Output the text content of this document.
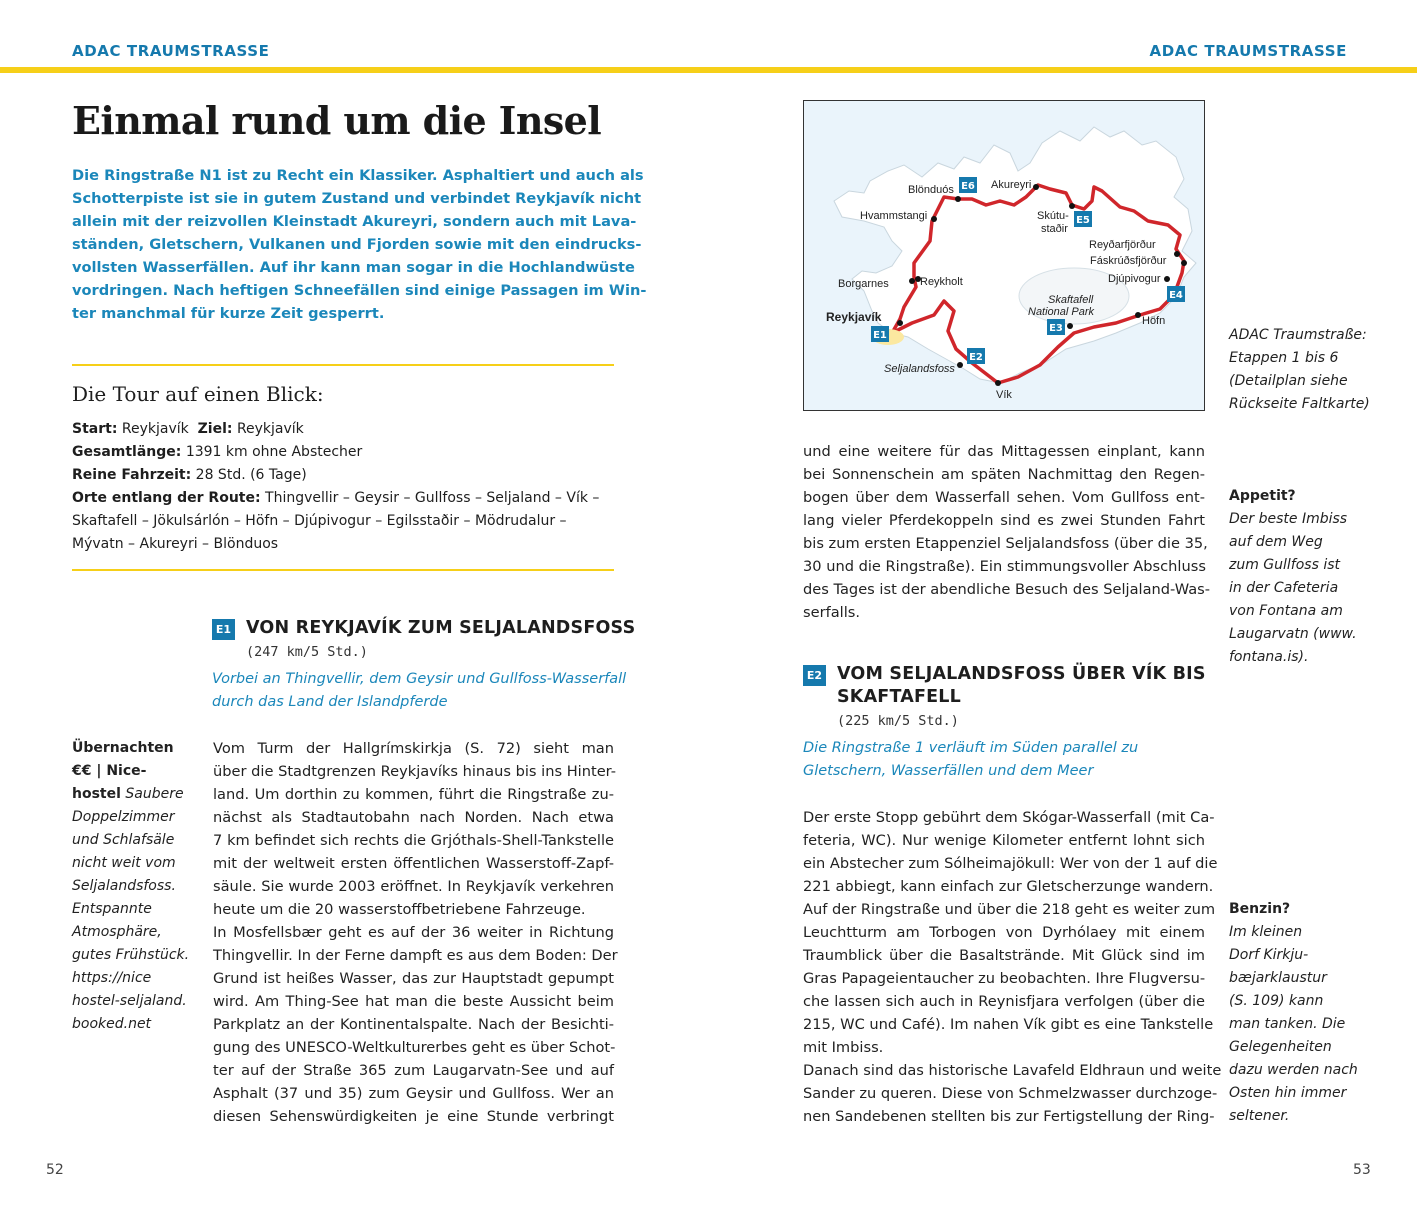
ADAC TRAUMSTRASSE	ADAC TRAUMSTRASSE
Einmal rund um die Insel
Die Ringstraße N1 ist zu Recht ein Klassiker. Asphaltiert und auch als
Schotterpiste ist sie in gutem Zustand und verbindet Reykjavík nicht
allein mit der reizvollen Kleinstadt Akureyri, sondern auch mit Lava-
ständen, Gletschern, Vulkanen und Fjorden sowie mit den eindrucks-
vollsten Wasserfällen. Auf ihr kann man sogar in die Hochlandwüste
vordringen. Nach heftigen Schneefällen sind einige Passagen im Win-
ter manchmal für kurze Zeit gesperrt.
Die Tour auf einen Blick:

Start: Reykjavík Ziel: Reykjavík

Gesamtlänge: 1391 km ohne Abstecher

Reine Fahrzeit: 28 Std. (6 Tage)

Orte entlang der Route: Thingvellir – Geysir – Gullfoss – Seljaland – Vík –

Skaftafell – Jökulsárlón – Höfn – Djúpivogur – Egilsstaðir – Mödrudalur –

Mývatn – Akureyri – Blönduos

E1 VON REYKJAVÍK ZUM SELJALANDSFOSS
(247 km/5 Std.)
Vorbei an Thingvellir, dem Geysir und Gullfoss-Wasserfall
durch das Land der Islandpferde

Vom Turm der Hallgrímskirkja (S. 72) sieht man

über die Stadtgrenzen Reykjavíks hinaus bis ins Hinter-

land. Um dorthin zu kommen, führt die Ringstraße zu-

nächst als Stadtautobahn nach Norden. Nach etwa

7 km befindet sich rechts die Grjóthals-Shell-Tankstelle

mit der weltweit ersten öffentlichen Wasserstoff-Zapf-

säule. Sie wurde 2003 eröffnet. In Reykjavík verkehren

heute um die 20 wasserstoffbetriebene Fahrzeuge.

In Mosfellsbær geht es auf der 36 weiter in Richtung

Thingvellir. In der Ferne dampft es aus dem Boden: Der

Grund ist heißes Wasser, das zur Hauptstadt gepumpt

wird. Am Thing-See hat man die beste Aussicht beim

Parkplatz an der Kontinentalspalte. Nach der Besichti-

gung des UNESCO-Weltkulturerbes geht es über Schot-

ter auf der Straße 365 zum Laugarvatn-See und auf

Asphalt (37 und 35) zum Geysir und Gullfoss. Wer an

diesen Sehenswürdigkeiten je eine Stunde verbringt

Übernachten

€€ | Nice-

hostel Saubere

Doppelzimmer

und Schlafsäle

nicht weit vom

Seljalandsfoss.

Entspannte

Atmosphäre,

gutes Frühstück.

https://nice

hostel-seljaland.

booked.net

52
E6
E5
E4
E3
E2
E1
Blönduós	Akureyri
Hvammstangi	Skútu-
staðir
Reyðarfjörður
Fáskrúðsfjörður
Djúpivogur
Borgarnes	Reykholt
Skaftafell
National Park
Reykjavík	Höfn
Seljalandsfoss
Vík

ADAC Traumstraße:

Etappen 1 bis 6

(Detailplan siehe

Rückseite Faltkarte)

und eine weitere für das Mittagessen einplant, kann

bei Sonnenschein am späten Nachmittag den Regen-

bogen über dem Wasserfall sehen. Vom Gullfoss ent-

lang vieler Pferdekoppeln sind es zwei Stunden Fahrt

bis zum ersten Etappenziel Seljalandsfoss (über die 35,

30 und die Ringstraße). Ein stimmungsvoller Abschluss

des Tages ist der abendliche Besuch des Seljaland-Was-

serfalls.

Appetit?

Der beste Imbiss

auf dem Weg

zum Gullfoss ist

in der Cafeteria

von Fontana am

Laugarvatn (www.

fontana.is).

E2 VOM SELJALANDSFOSS ÜBER VÍK BIS
SKAFTAFELL
(225 km/5 Std.)
Die Ringstraße 1 verläuft im Süden parallel zu
Gletschern, Wasserfällen und dem Meer

Der erste Stopp gebührt dem Skógar-Wasserfall (mit Ca-

feteria, WC). Nur wenige Kilometer entfernt lohnt sich

ein Abstecher zum Sólheimajökull: Wer von der 1 auf die

221 abbiegt, kann einfach zur Gletscherzunge wandern.

Auf der Ringstraße und über die 218 geht es weiter zum

Leuchtturm am Torbogen von Dyrhólaey mit einem

Traumblick über die Basaltstrände. Mit Glück sind im

Gras Papageientaucher zu beobachten. Ihre Flugversu-

che lassen sich auch in Reynisfjara verfolgen (über die

215, WC und Café). Im nahen Vík gibt es eine Tankstelle

mit Imbiss.

Danach sind das historische Lavafeld Eldhraun und weite

Sander zu queren. Diese von Schmelzwasser durchzoge-

nen Sandebenen stellten bis zur Fertigstellung der Ring-

Benzin?

Im kleinen

Dorf Kirkju-

bæjarklaustur

(S. 109) kann

man tanken. Die

Gelegenheiten

dazu werden nach

Osten hin immer

seltener.

53
